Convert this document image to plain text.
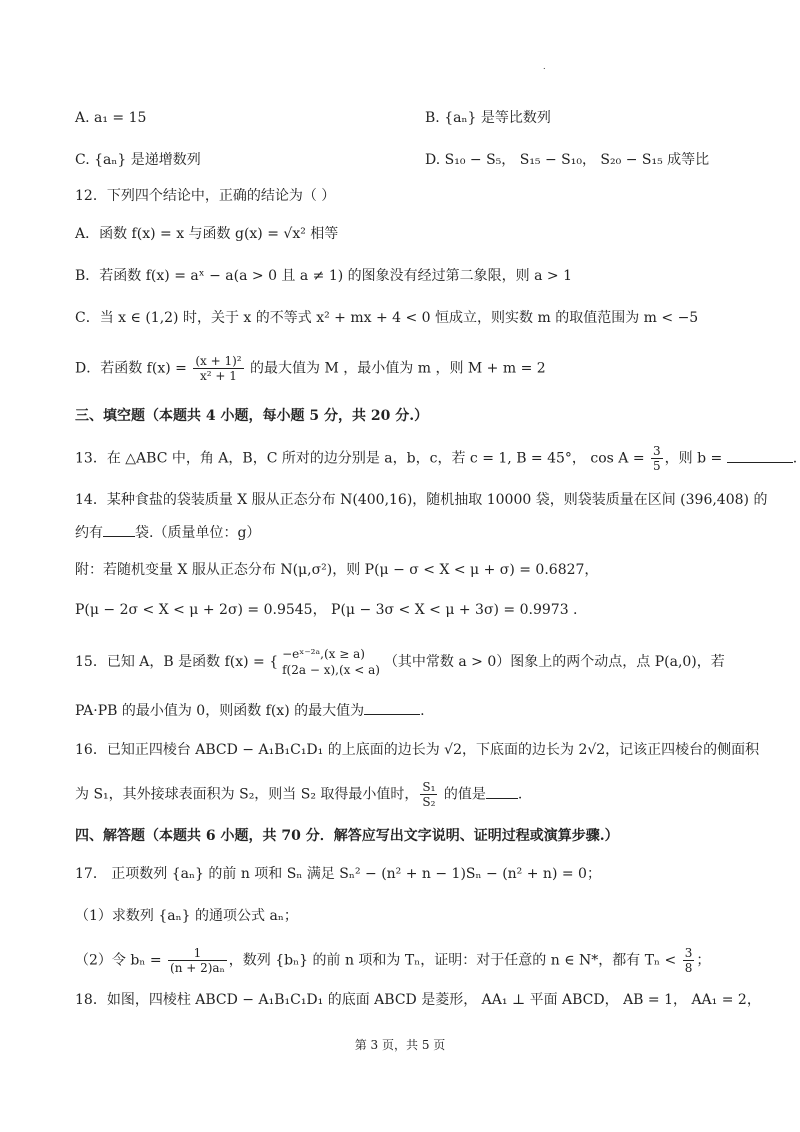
.
A. a₁ = 15	B. {aₙ} 是等比数列
C. {aₙ} 是递增数列	D. S₁₀ − S₅， S₁₅ − S₁₀， S₂₀ − S₁₅ 成等比
12．下列四个结论中，正确的结论为（ ）
A．函数 f(x) = x 与函数 g(x) = √x² 相等
B．若函数 f(x) = aˣ − a(a > 0 且 a ≠ 1) 的图象没有经过第二象限，则 a > 1
C．当 x ∈ (1,2) 时，关于 x 的不等式 x² + mx + 4 < 0 恒成立，则实数 m 的取值范围为 m < −5
D．若函数 $f(x) = \frac{\text{(x + 1)²}}{\text{x² + 1}}$ 的最大值为 M ，最小值为 m ，则 M + m = 2
三、填空题（本题共 4 小题，每小题 5 分，共 20 分.）
13．在 △ABC 中，角 A，B，C 所对的边分别是 a，b，c，若 c = 1, B = 45°， $\cos A = \frac{3}{5}$ ，则 b =	.
14．某种食盐的袋装质量 X 服从正态分布 N(400,16)，随机抽取 10000 袋，则袋装质量在区间 (396,408) 的
约有 袋.（质量单位：g）
附：若随机变量 X 服从正态分布 N(μ,σ²)，则 P(μ − σ < X < μ + σ) = 0.6827，
P(μ − 2σ < X < μ + 2σ) = 0.9545， P(μ − 3σ < X < μ + 3σ) = 0.9973 .
15．已知 A，B 是函数 f(x) = { −eˣ⁻²ᵃ,(x ≥ a)
f(2a − x),(x < a) （其中常数 a > 0）图象上的两个动点，点 P(a,0)，若
PA·PB 的最小值为 0，则函数 f(x) 的最大值为	.
16．已知正四棱台 ABCD − A₁B₁C₁D₁ 的上底面的边长为 √2，下底面的边长为 2√2，记该正四棱台的侧面积
为 S₁，其外接球表面积为 S₂，则当 S₂ 取得最小值时， $\frac{\text{S₁}}{\text{S₂}}$ 的值是 .
四、解答题（本题共 6 小题，共 70 分．解答应写出文字说明、证明过程或演算步骤.）
17． 正项数列 {aₙ} 的前 n 项和 Sₙ 满足 Sₙ² − (n² + n − 1)Sₙ − (n² + n) = 0；
（1）求数列 {aₙ} 的通项公式 aₙ；
（2）令 $b_n = \frac{1}{\text{(n + 2)aₙ}}$ ，数列 {bₙ} 的前 n 项和为 Tₙ，证明：对于任意的 n ∈ N*，都有 $T_n < \frac{3}{8}$ ；
18．如图，四棱柱 ABCD − A₁B₁C₁D₁ 的底面 ABCD 是菱形， AA₁ ⊥ 平面 ABCD， AB = 1， AA₁ = 2，
第 3 页，共 5 页
